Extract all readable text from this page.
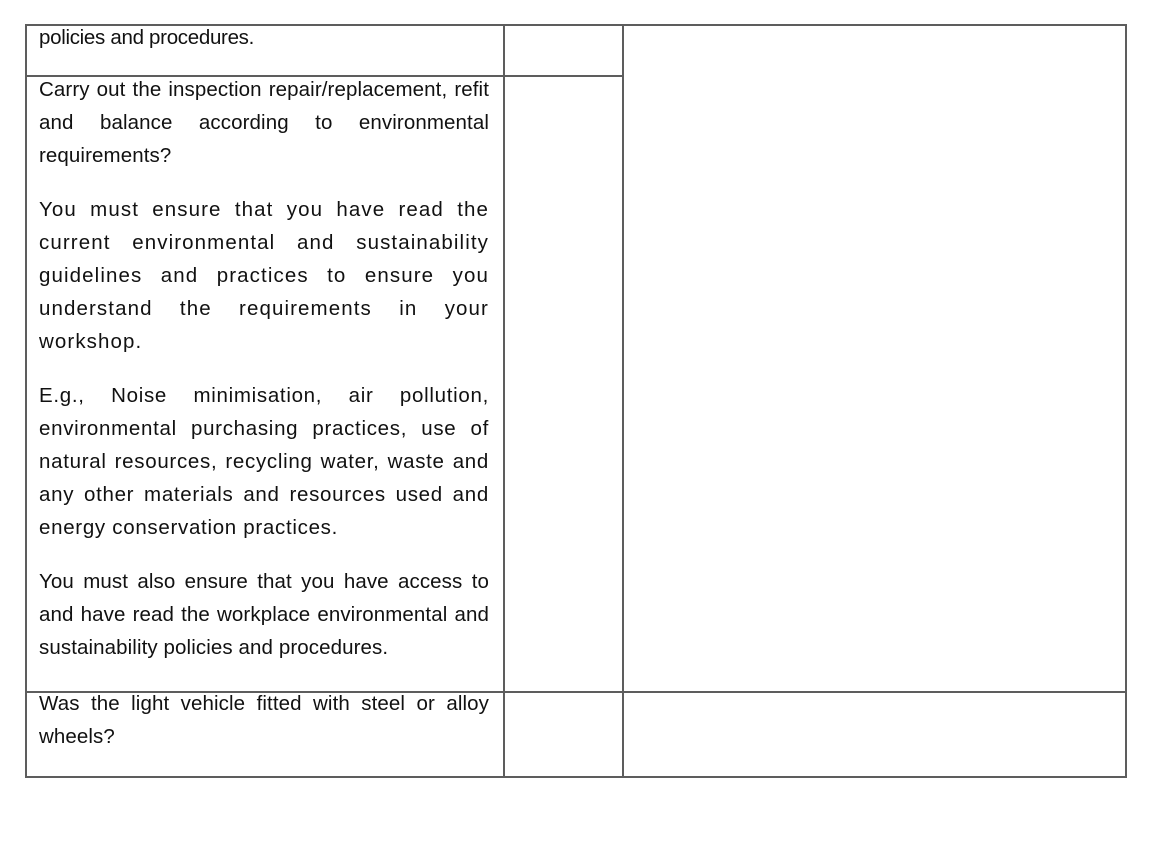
policies and procedures.

Carry out the inspection repair/replacement, refit and balance according to environmental requirements?

You must ensure that you have read the current environmental and sustainability guidelines and practices to ensure you understand the requirements in your workshop.

E.g., Noise minimisation, air pollution, environmental purchasing practices, use of natural resources, recycling water, waste and any other materials and resources used and energy conservation practices.

You must also ensure that you have access to and have read the workplace environmental and sustainability policies and procedures.

Was the light vehicle fitted with steel or alloy wheels?
